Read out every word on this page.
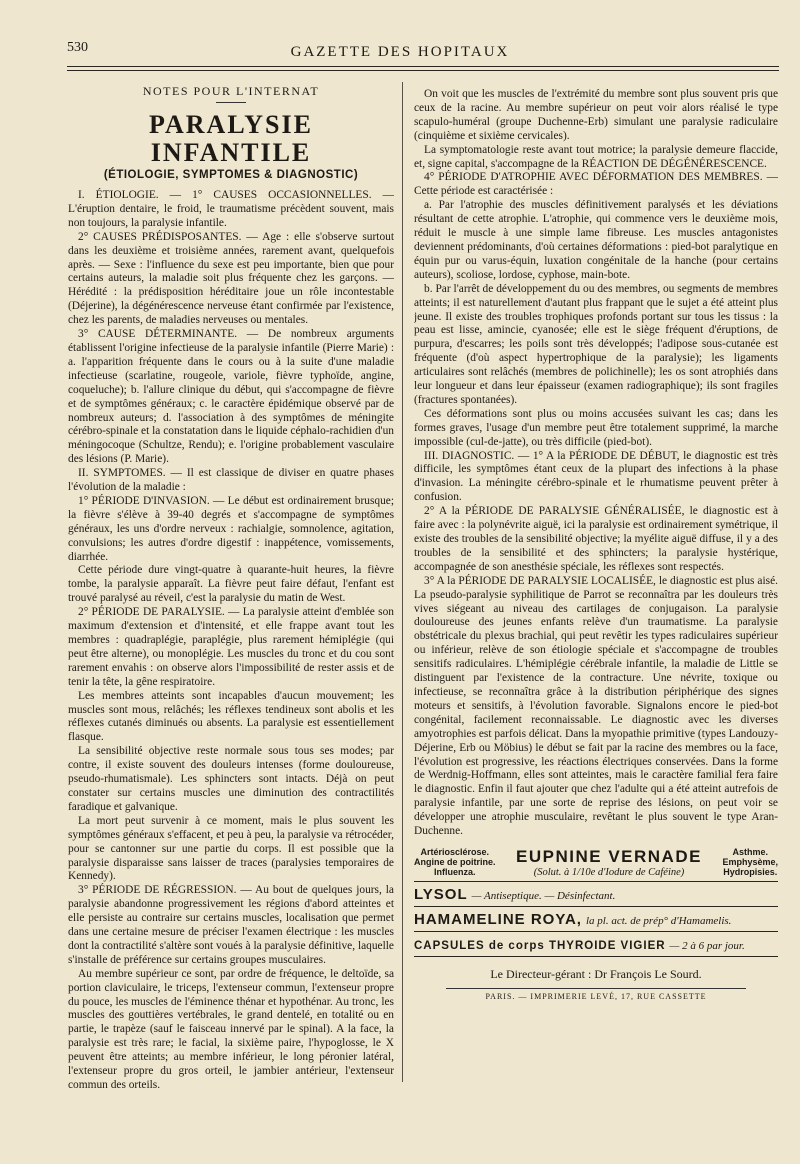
530	GAZETTE DES HOPITAUX
NOTES POUR L'INTERNAT
PARALYSIE INFANTILE
(ÉTIOLOGIE, SYMPTOMES & DIAGNOSTIC)

I. ÉTIOLOGIE. — 1° CAUSES OCCASIONNELLES. — L'éruption dentaire, le froid, le traumatisme précèdent souvent, mais non toujours, la paralysie infantile.

2° CAUSES PRÉDISPOSANTES. — Age : elle s'observe surtout dans les deuxième et troisième années, rarement avant, quelquefois après. — Sexe : l'influence du sexe est peu importante, bien que pour certains auteurs, la maladie soit plus fréquente chez les garçons. — Hérédité : la prédisposition héréditaire joue un rôle incontestable (Déjerine), la dégénérescence nerveuse étant confirmée par l'existence, chez les parents, de maladies nerveuses ou mentales.

3° CAUSE DÉTERMINANTE. — De nombreux arguments établissent l'origine infectieuse de la paralysie infantile (Pierre Marie) : a. l'apparition fréquente dans le cours ou à la suite d'une maladie infectieuse (scarlatine, rougeole, variole, fièvre typhoïde, angine, coqueluche); b. l'allure clinique du début, qui s'accompagne de fièvre et de symptômes généraux; c. le caractère épidémique observé par de nombreux auteurs; d. l'association à des symptômes de méningite cérébro-spinale et la constatation dans le liquide céphalo-rachidien d'un méningocoque (Schultze, Rendu); e. l'origine probablement vasculaire des lésions (P. Marie).

II. SYMPTOMES. — Il est classique de diviser en quatre phases l'évolution de la maladie :

1° PÉRIODE D'INVASION. — Le début est ordinairement brusque; la fièvre s'élève à 39-40 degrés et s'accompagne de symptômes généraux, les uns d'ordre nerveux : rachialgie, somnolence, agitation, convulsions; les autres d'ordre digestif : inappétence, vomissements, diarrhée.

Cette période dure vingt-quatre à quarante-huit heures, la fièvre tombe, la paralysie apparaît. La fièvre peut faire défaut, l'enfant est trouvé paralysé au réveil, c'est la paralysie du matin de West.

2° PÉRIODE DE PARALYSIE. — La paralysie atteint d'emblée son maximum d'extension et d'intensité, et elle frappe avant tout les membres : quadraplégie, paraplégie, plus rarement hémiplégie (qui peut être alterne), ou monoplégie. Les muscles du tronc et du cou sont rarement envahis : on observe alors l'impossibilité de rester assis et de tenir la tête, la gêne respiratoire.

Les membres atteints sont incapables d'aucun mouvement; les muscles sont mous, relâchés; les réflexes tendineux sont abolis et les réflexes cutanés diminués ou absents. La paralysie est essentiellement flasque.

La sensibilité objective reste normale sous tous ses modes; par contre, il existe souvent des douleurs intenses (forme douloureuse, pseudo-rhumatismale). Les sphincters sont intacts. Déjà on peut constater sur certains muscles une diminution des contractilités faradique et galvanique.

La mort peut survenir à ce moment, mais le plus souvent les symptômes généraux s'effacent, et peu à peu, la paralysie va rétrocéder, pour se cantonner sur une partie du corps. Il est possible que la paralysie disparaisse sans laisser de traces (paralysies temporaires de Kennedy).

3° PÉRIODE DE RÉGRESSION. — Au bout de quelques jours, la paralysie abandonne progressivement les régions d'abord atteintes et elle persiste au contraire sur certains muscles, localisation que permet dans une certaine mesure de préciser l'examen électrique : les muscles dont la contractilité s'altère sont voués à la paralysie définitive, laquelle s'installe de préférence sur certains groupes musculaires.

Au membre supérieur ce sont, par ordre de fréquence, le deltoïde, sa portion claviculaire, le triceps, l'extenseur commun, l'extenseur propre du pouce, les muscles de l'éminence thénar et hypothénar. Au tronc, les muscles des gouttières vertébrales, le grand dentelé, en totalité ou en partie, le trapèze (sauf le faisceau innervé par le spinal). A la face, la paralysie est très rare; le facial, la sixième paire, l'hypoglosse, le X peuvent être atteints; au membre inférieur, le long péronier latéral, l'extenseur propre du gros orteil, le jambier antérieur, l'extenseur commun des orteils.

On voit que les muscles de l'extrémité du membre sont plus souvent pris que ceux de la racine. Au membre supérieur on peut voir alors réalisé le type scapulo-huméral (groupe Duchenne-Erb) simulant une paralysie radiculaire (cinquième et sixième cervicales).

La symptomatologie reste avant tout motrice; la paralysie demeure flaccide, et, signe capital, s'accompagne de la RÉACTION DE DÉGÉNÉRESCENCE.

4° PÉRIODE D'ATROPHIE AVEC DÉFORMATION DES MEMBRES. — Cette période est caractérisée :

a. Par l'atrophie des muscles définitivement paralysés et les déviations résultant de cette atrophie. L'atrophie, qui commence vers le deuxième mois, réduit le muscle à une simple lame fibreuse. Les muscles antagonistes deviennent prédominants, d'où certaines déformations : pied-bot paralytique en équin pur ou varus-équin, luxation congénitale de la hanche (pour certains auteurs), scoliose, lordose, cyphose, main-bote.

b. Par l'arrêt de développement du ou des membres, ou segments de membres atteints; il est naturellement d'autant plus frappant que le sujet a été atteint plus jeune. Il existe des troubles trophiques profonds portant sur tous les tissus : la peau est lisse, amincie, cyanosée; elle est le siège fréquent d'éruptions, de purpura, d'escarres; les poils sont très développés; l'adipose sous-cutanée est fréquente (d'où aspect hypertrophique de la paralysie); les ligaments articulaires sont relâchés (membres de polichinelle); les os sont atrophiés dans leur longueur et dans leur épaisseur (examen radiographique); ils sont fragiles (fractures spontanées).

Ces déformations sont plus ou moins accusées suivant les cas; dans les formes graves, l'usage d'un membre peut être totalement supprimé, la marche impossible (cul-de-jatte), ou très difficile (pied-bot).

III. DIAGNOSTIC. — 1° A la PÉRIODE DE DÉBUT, le diagnostic est très difficile, les symptômes étant ceux de la plupart des infections à la phase d'invasion. La méningite cérébro-spinale et le rhumatisme peuvent prêter à confusion.

2° A la PÉRIODE DE PARALYSIE GÉNÉRALISÉE, le diagnostic est à faire avec : la polynévrite aiguë, ici la paralysie est ordinairement symétrique, il existe des troubles de la sensibilité objective; la myélite aiguë diffuse, il y a des troubles de la sensibilité et des sphincters; la paralysie hystérique, accompagnée de son anesthésie spéciale, les réflexes sont respectés.

3° A la PÉRIODE DE PARALYSIE LOCALISÉE, le diagnostic est plus aisé. La pseudo-paralysie syphilitique de Parrot se reconnaîtra par les douleurs très vives siégeant au niveau des cartilages de conjugaison. La paralysie douloureuse des jeunes enfants relève d'un traumatisme. La paralysie obstétricale du plexus brachial, qui peut revêtir les types radiculaires supérieur ou inférieur, relève de son étiologie spéciale et s'accompagne de troubles sensitifs radiculaires. L'hémiplégie cérébrale infantile, la maladie de Little se distinguent par l'existence de la contracture. Une névrite, toxique ou infectieuse, se reconnaîtra grâce à la distribution périphérique des signes moteurs et sensitifs, à l'évolution favorable. Signalons encore le pied-bot congénital, facilement reconnaissable. Le diagnostic avec les diverses amyotrophies est parfois délicat. Dans la myopathie primitive (types Landouzy-Déjerine, Erb ou Möbius) le début se fait par la racine des membres ou la face, l'évolution est progressive, les réactions électriques conservées. Dans la forme de Werdnig-Hoffmann, elles sont atteintes, mais le caractère familial fera faire le diagnostic. Enfin il faut ajouter que chez l'adulte qui a été atteint autrefois de paralysie infantile, par une sorte de reprise des lésions, on peut voir se développer une atrophie musculaire, revêtant le plus souvent le type Aran-Duchenne.

Artériosclérose.
Angine de poitrine.
Influenza.
EUPNINE VERNADE
(Solut. à 1/10e d'Iodure de Caféine)
Asthme.
Emphysème,
Hydropisies.
LYSOL — Antiseptique. — Désinfectant.
HAMAMELINE ROYA, la pl. act. de prép° d'Hamamelis.
CAPSULES de corps THYROIDE VIGIER — 2 à 6 par jour.
Le Directeur-gérant : Dr François Le Sourd.
PARIS. — IMPRIMERIE LEVÉ, 17, RUE CASSETTE
